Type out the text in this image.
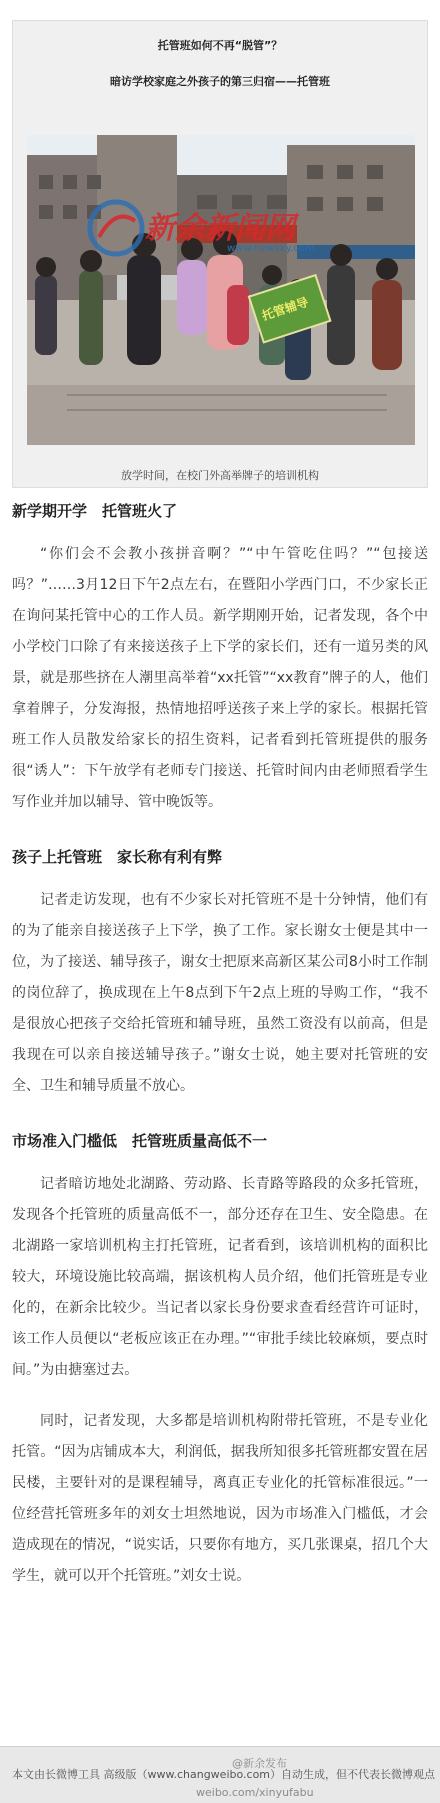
托管班如何不再“脱管”？
暗访学校家庭之外孩子的第三归宿——托管班
托管辅导
新余新闻网
www.newsxy.com
放学时间，在校门外高举牌子的培训机构
新学期开学　托管班火了

“你们会不会教小孩拼音啊？”“中午管吃住吗？”“包接送吗？”……3月12日下午2点左右，在暨阳小学西门口，不少家长正在询问某托管中心的工作人员。新学期刚开始，记者发现，各个中小学校门口除了有来接送孩子上下学的家长们，还有一道另类的风景，就是那些挤在人潮里高举着“xx托管”“xx教育”牌子的人，他们拿着牌子，分发海报，热情地招呼送孩子来上学的家长。根据托管班工作人员散发给家长的招生资料，记者看到托管班提供的服务很“诱人”：下午放学有老师专门接送、托管时间内由老师照看学生写作业并加以辅导、管中晚饭等。

孩子上托管班　家长称有利有弊

记者走访发现，也有不少家长对托管班不是十分钟情，他们有的为了能亲自接送孩子上下学，换了工作。家长谢女士便是其中一位，为了接送、辅导孩子，谢女士把原来高新区某公司8小时工作制的岗位辞了，换成现在上午8点到下午2点上班的导购工作，“我不是很放心把孩子交给托管班和辅导班，虽然工资没有以前高，但是我现在可以亲自接送辅导孩子。”谢女士说，她主要对托管班的安全、卫生和辅导质量不放心。

市场准入门槛低　托管班质量高低不一

记者暗访地处北湖路、劳动路、长青路等路段的众多托管班，发现各个托管班的质量高低不一，部分还存在卫生、安全隐患。在北湖路一家培训机构主打托管班，记者看到，该培训机构的面积比较大，环境设施比较高端，据该机构人员介绍，他们托管班是专业化的，在新余比较少。当记者以家长身份要求查看经营许可证时，该工作人员便以“老板应该正在办理。”“审批手续比较麻烦，要点时间。”为由搪塞过去。

同时，记者发现，大多都是培训机构附带托管班，不是专业化托管。“因为店铺成本大，利润低，据我所知很多托管班都安置在居民楼，主要针对的是课程辅导，离真正专业化的托管标准很远。”一位经营托管班多年的刘女士坦然地说，因为市场准入门槛低，才会造成现在的情况，“说实话，只要你有地方，买几张课桌，招几个大学生，就可以开个托管班。”刘女士说。

本文由长微博工具 高级版（www.changweibo.com）自动生成，但不代表长微博观点
@新余发布
weibo.com/xinyufabu
